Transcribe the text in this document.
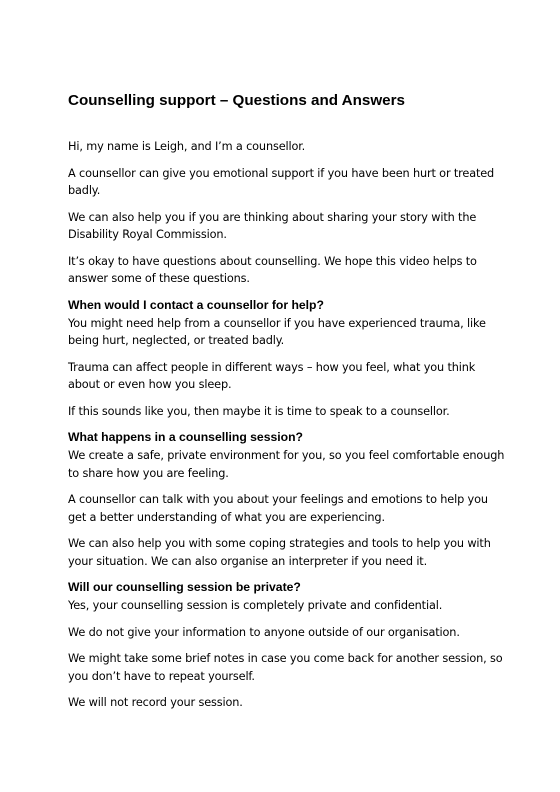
Counselling support – Questions and Answers

Hi, my name is Leigh, and I’m a counsellor.

A counsellor can give you emotional support if you have been hurt or treated
badly.

We can also help you if you are thinking about sharing your story with the
Disability Royal Commission.

It’s okay to have questions about counselling. We hope this video helps to
answer some of these questions.

When would I contact a counsellor for help?

You might need help from a counsellor if you have experienced trauma, like
being hurt, neglected, or treated badly.

Trauma can affect people in different ways – how you feel, what you think
about or even how you sleep.

If this sounds like you, then maybe it is time to speak to a counsellor.

What happens in a counselling session?

We create a safe, private environment for you, so you feel comfortable enough
to share how you are feeling.

A counsellor can talk with you about your feelings and emotions to help you
get a better understanding of what you are experiencing.

We can also help you with some coping strategies and tools to help you with
your situation. We can also organise an interpreter if you need it.

Will our counselling session be private?

Yes, your counselling session is completely private and confidential.

We do not give your information to anyone outside of our organisation.

We might take some brief notes in case you come back for another session, so
you don’t have to repeat yourself.

We will not record your session.
